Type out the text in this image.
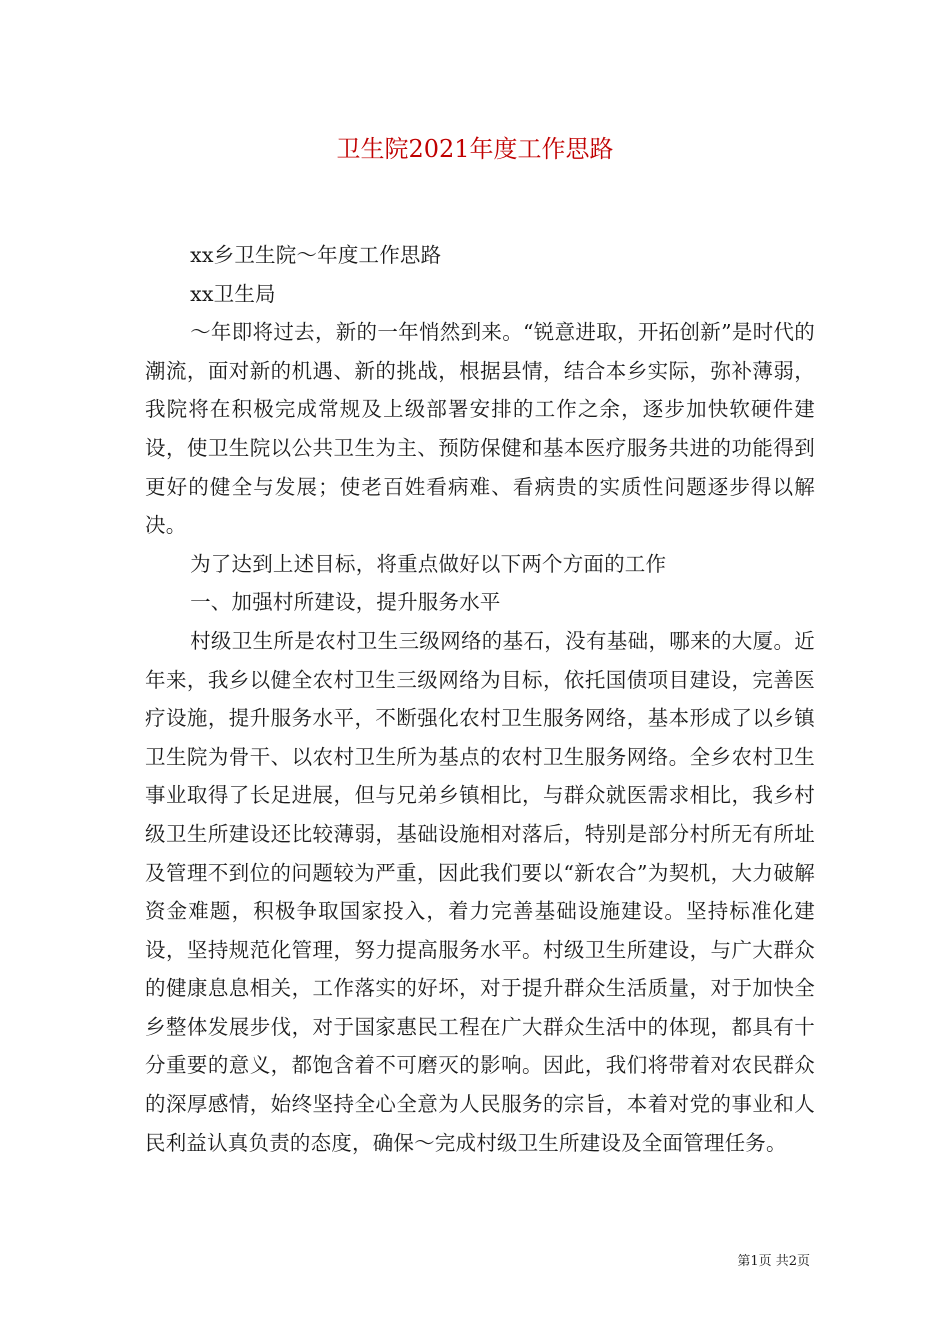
卫生院2021年度工作思路

xx乡卫生院～年度工作思路

xx卫生局

～年即将过去，新的一年悄然到来。“锐意进取，开拓创新”是时代的潮流，面对新的机遇、新的挑战，根据县情，结合本乡实际，弥补薄弱，我院将在积极完成常规及上级部署安排的工作之余，逐步加快软硬件建设，使卫生院以公共卫生为主、预防保健和基本医疗服务共进的功能得到更好的健全与发展；使老百姓看病难、看病贵的实质性问题逐步得以解决。

为了达到上述目标，将重点做好以下两个方面的工作

一、加强村所建设，提升服务水平

村级卫生所是农村卫生三级网络的基石，没有基础，哪来的大厦。近年来，我乡以健全农村卫生三级网络为目标，依托国债项目建设，完善医疗设施，提升服务水平，不断强化农村卫生服务网络，基本形成了以乡镇卫生院为骨干、以农村卫生所为基点的农村卫生服务网络。全乡农村卫生事业取得了长足进展，但与兄弟乡镇相比，与群众就医需求相比，我乡村级卫生所建设还比较薄弱，基础设施相对落后，特别是部分村所无有所址及管理不到位的问题较为严重，因此我们要以“新农合”为契机，大力破解资金难题，积极争取国家投入，着力完善基础设施建设。坚持标准化建设，坚持规范化管理，努力提高服务水平。村级卫生所建设，与广大群众的健康息息相关，工作落实的好坏，对于提升群众生活质量，对于加快全乡整体发展步伐，对于国家惠民工程在广大群众生活中的体现，都具有十分重要的意义，都饱含着不可磨灭的影响。因此，我们将带着对农民群众的深厚感情，始终坚持全心全意为人民服务的宗旨，本着对党的事业和人民利益认真负责的态度，确保～完成村级卫生所建设及全面管理任务。

第1页 共2页
